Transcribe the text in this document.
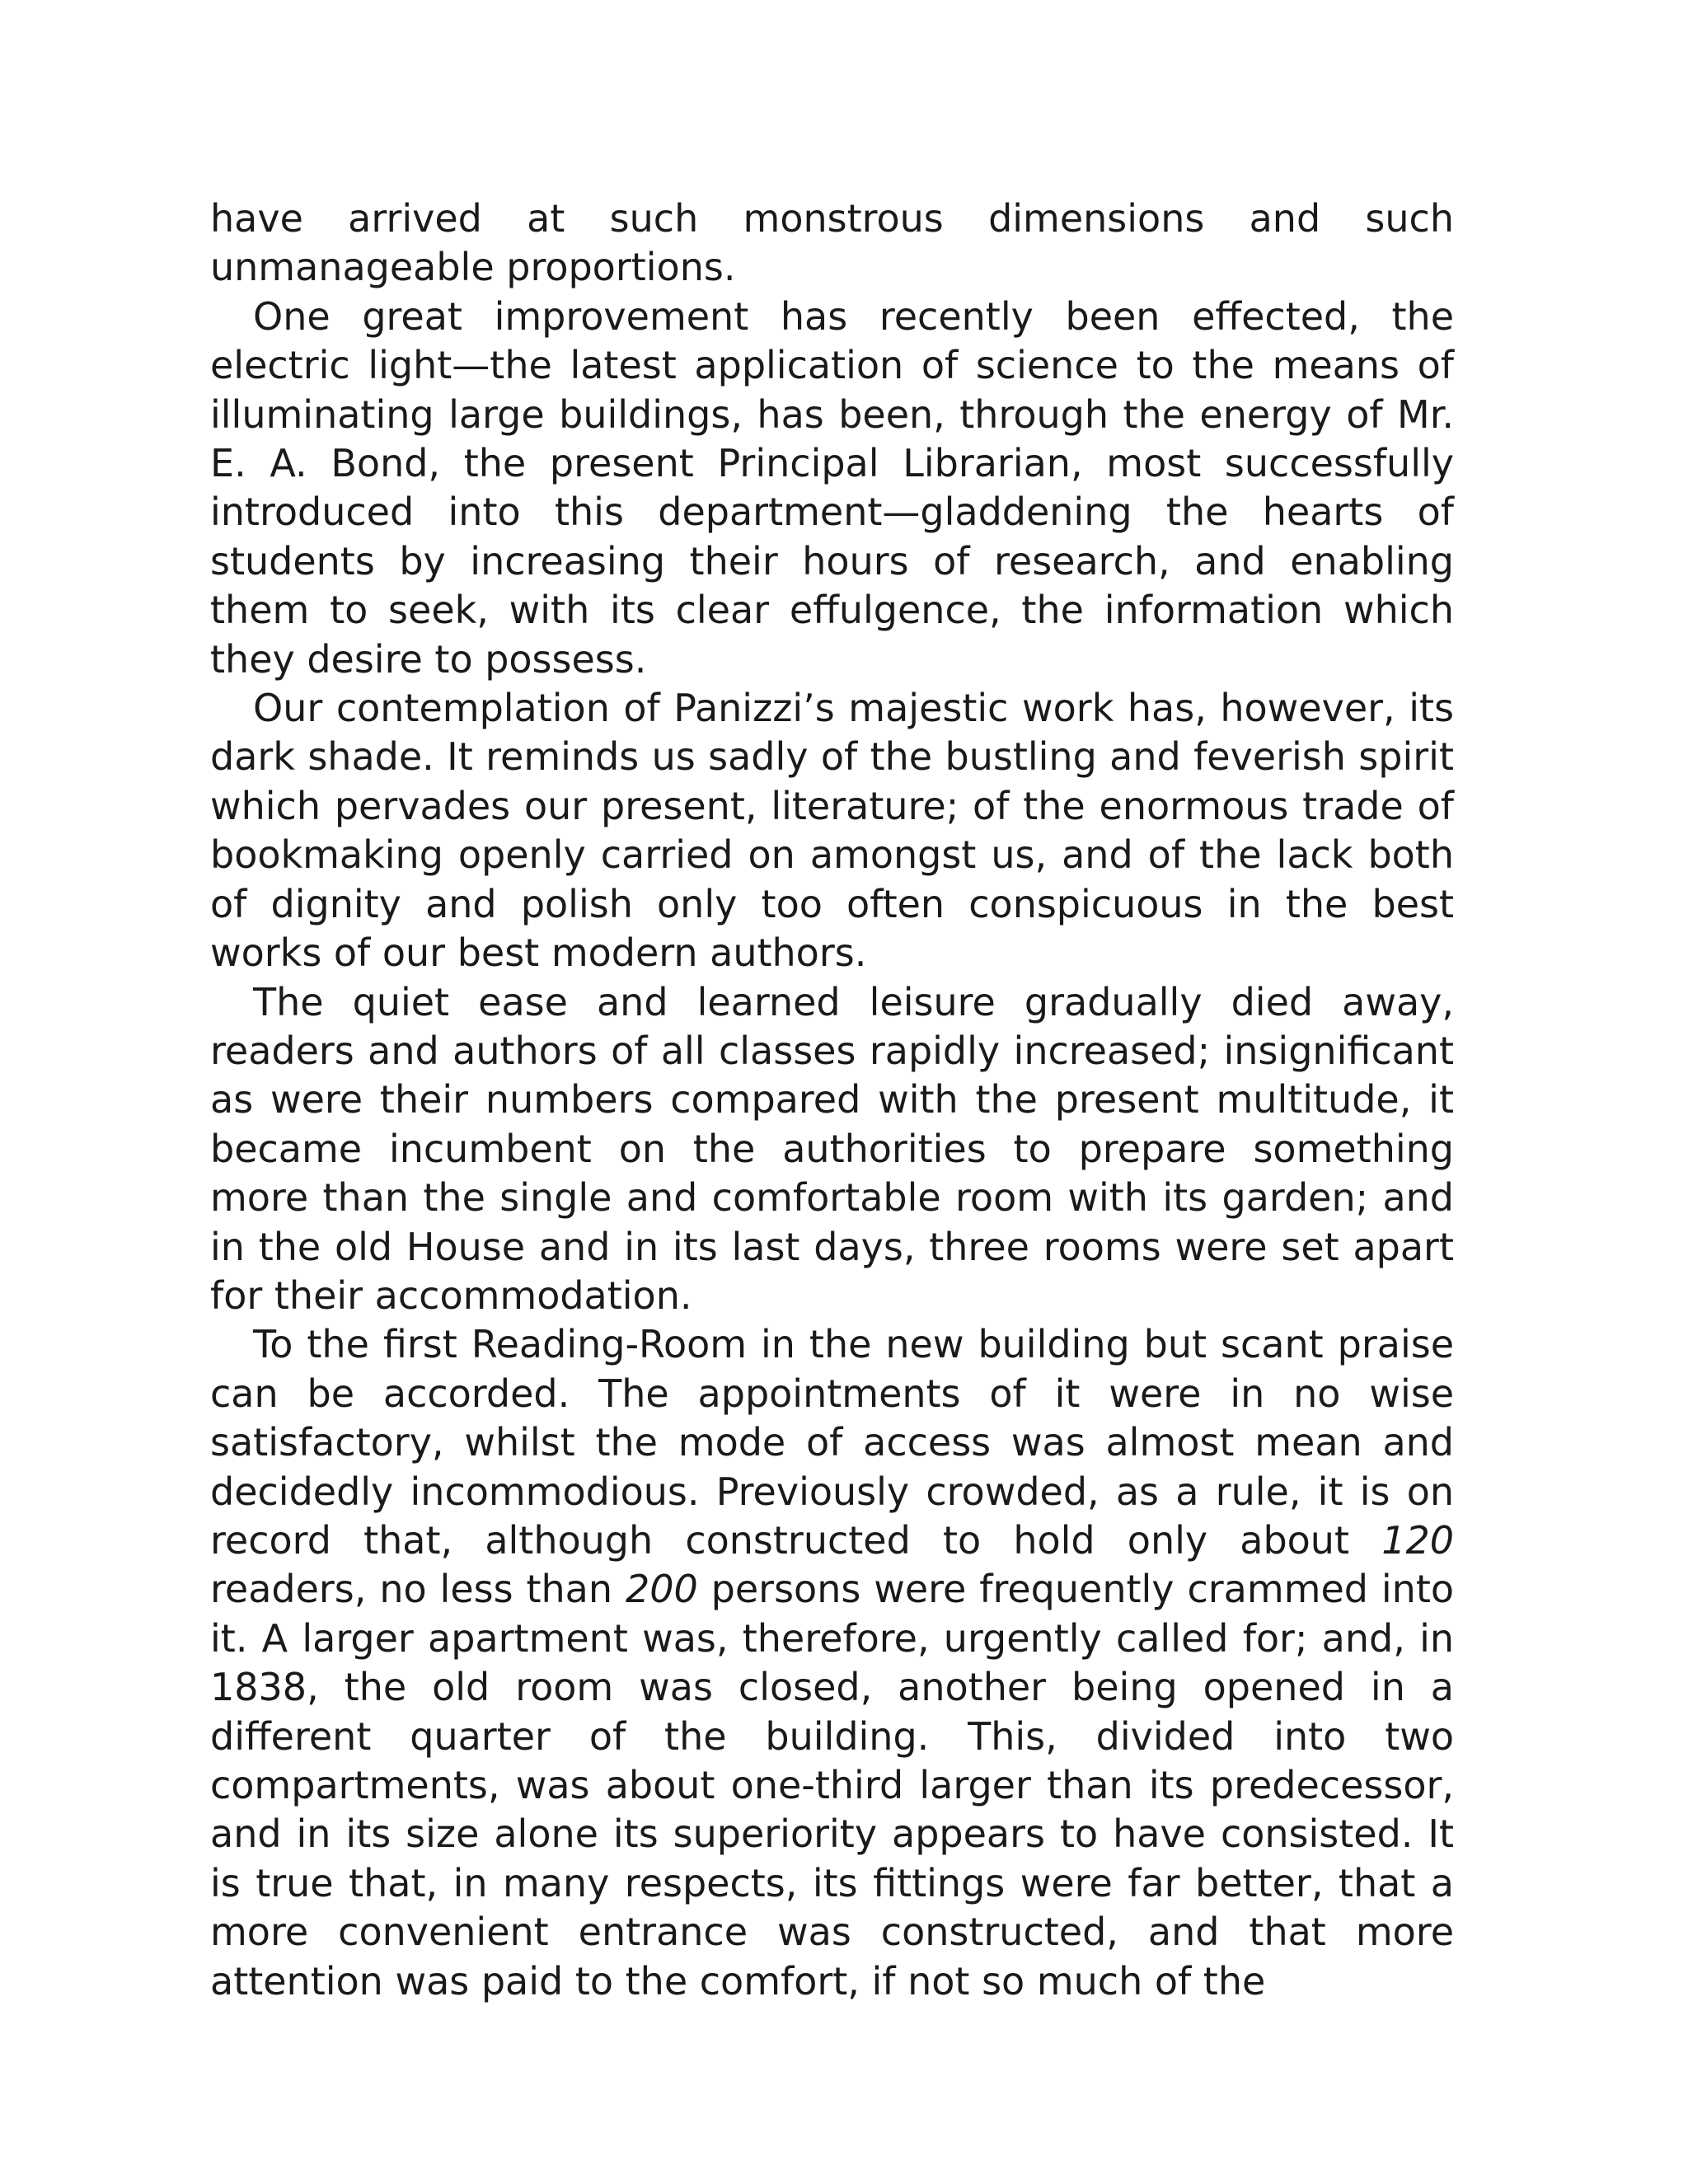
have arrived at such monstrous dimensions and such unmanageable proportions.

One great improvement has recently been effected, the electric light—the latest application of science to the means of illuminating large buildings, has been, through the energy of Mr. E. A. Bond, the present Principal Librarian, most successfully introduced into this department—gladdening the hearts of students by increasing their hours of research, and enabling them to seek, with its clear effulgence, the information which they desire to possess.

Our contemplation of Panizzi’s majestic work has, however, its dark shade. It reminds us sadly of the bustling and feverish spirit which pervades our present, literature; of the enormous trade of bookmaking openly carried on amongst us, and of the lack both of dignity and polish only too often conspicuous in the best works of our best modern authors.

The quiet ease and learned leisure gradually died away, readers and authors of all classes rapidly increased; insignificant as were their numbers compared with the present multitude, it became incumbent on the authorities to prepare something more than the single and comfortable room with its garden; and in the old House and in its last days, three rooms were set apart for their accommodation.

To the first Reading-Room in the new building but scant praise can be accorded. The appointments of it were in no wise satisfactory, whilst the mode of access was almost mean and decidedly incommodious. Previously crowded, as a rule, it is on record that, although constructed to hold only about 120 readers, no less than 200 persons were frequently crammed into it. A larger apartment was, therefore, urgently called for; and, in 1838, the old room was closed, another being opened in a different quarter of the building. This, divided into two compartments, was about one-third larger than its predecessor, and in its size alone its superiority appears to have consisted. It is true that, in many respects, its fittings were far better, that a more convenient entrance was constructed, and that more attention was paid to the comfort, if not so much of the
